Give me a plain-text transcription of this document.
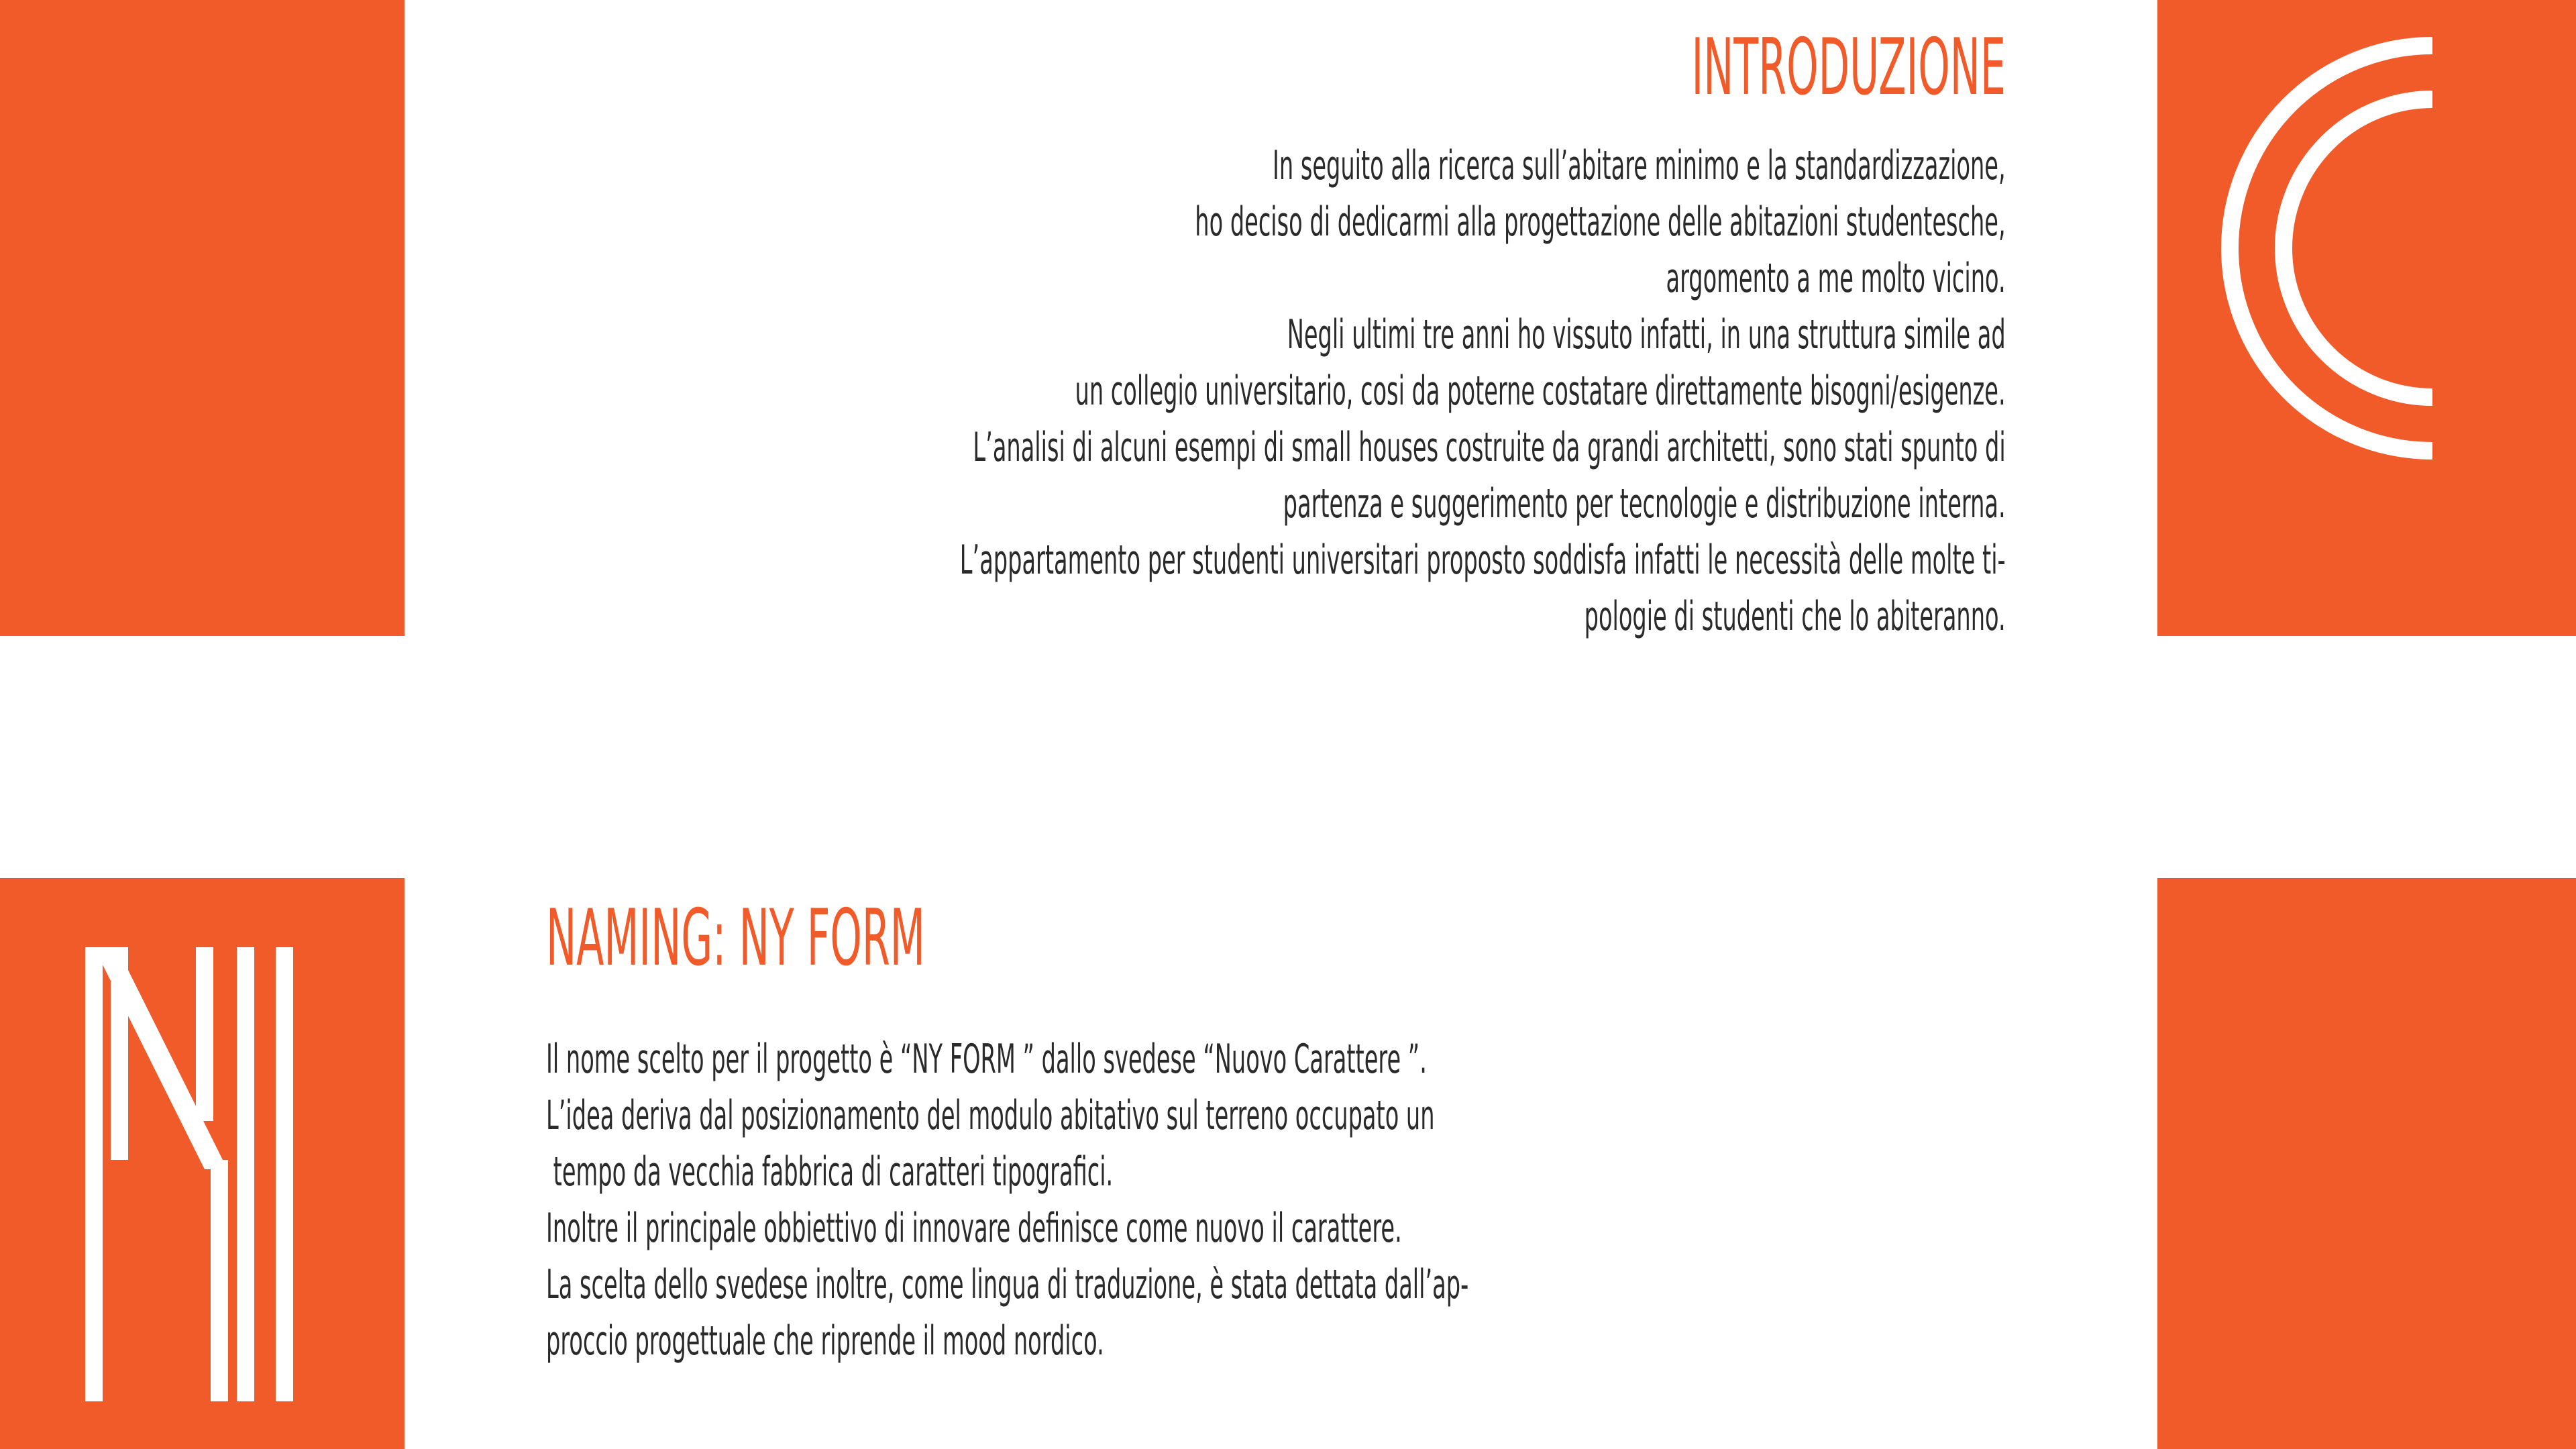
INTRODUZIONE
In seguito alla ricerca sull’abitare minimo e la standardizzazione,
ho deciso di dedicarmi alla progettazione delle abitazioni studentesche,
argomento a me molto vicino.
Negli ultimi tre anni ho vissuto infatti, in una struttura simile ad
un collegio universitario, cosi da poterne costatare direttamente bisogni/esigenze.
L’analisi di alcuni esempi di small houses costruite da grandi architetti, sono stati spunto di
partenza e suggerimento per tecnologie e distribuzione interna.
L’appartamento per studenti universitari proposto soddisfa infatti le necessità delle molte ti-
pologie di studenti che lo abiteranno.
NAMING: NY FORM
Il nome scelto per il progetto è “NY FORM ” dallo svedese “Nuovo Carattere ”.
L’idea deriva dal posizionamento del modulo abitativo sul terreno occupato un
tempo da vecchia fabbrica di caratteri tipografici.
Inoltre il principale obbiettivo di innovare definisce come nuovo il carattere.
La scelta dello svedese inoltre, come lingua di traduzione, è stata dettata dall’ap-
proccio progettuale che riprende il mood nordico.
